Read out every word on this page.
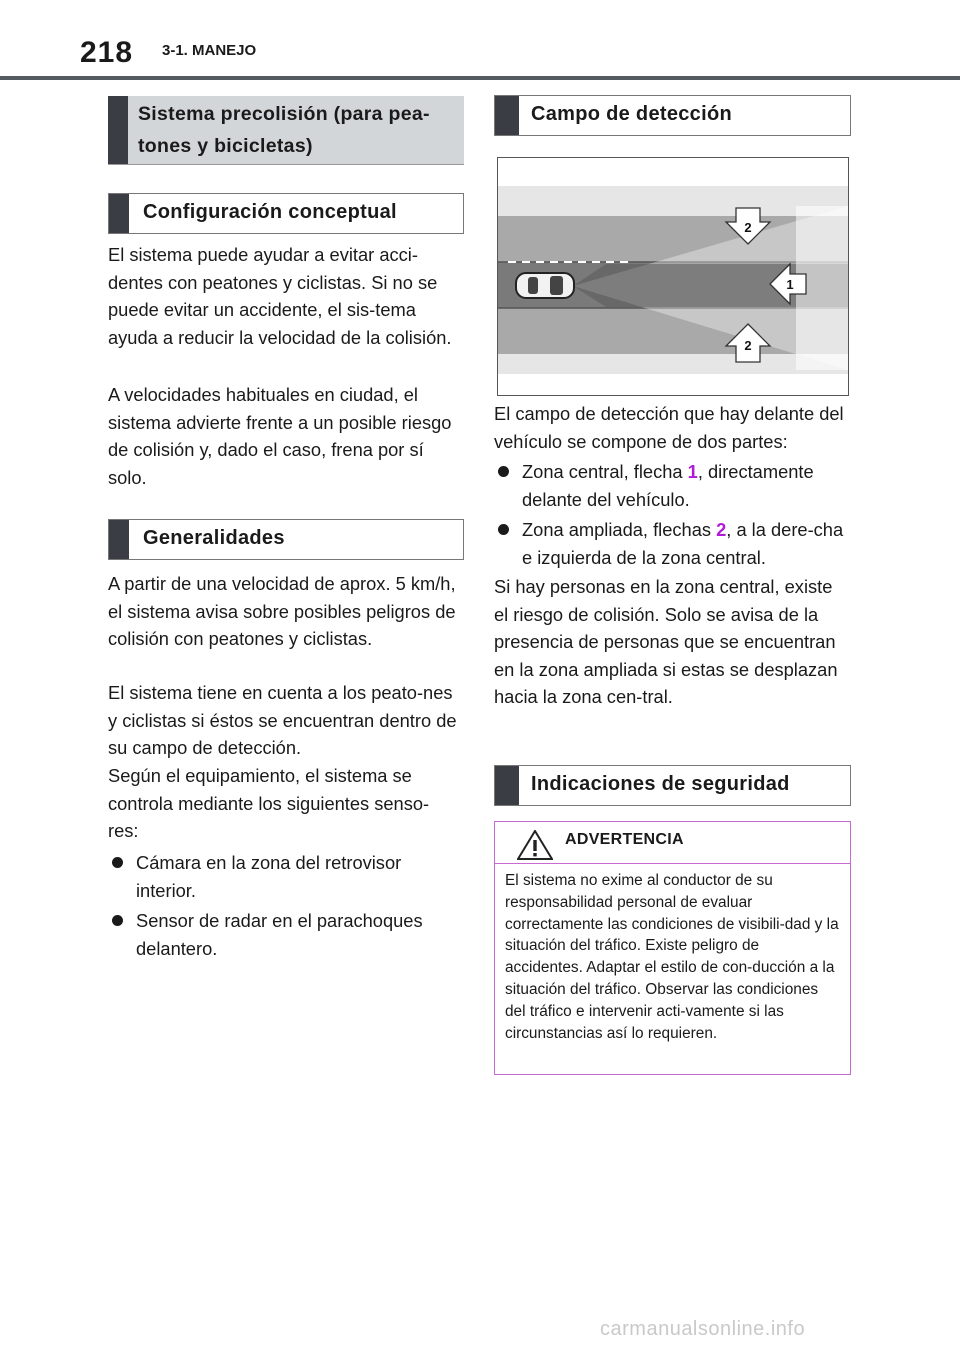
218 3-1. MANEJO
Sistema precolisión (para pea-
tones y bicicletas)
Configuración conceptual

El sistema puede ayudar a evitar acci-dentes con peatones y ciclistas. Si no se puede evitar un accidente, el sis-tema ayuda a reducir la velocidad de la colisión.

A velocidades habituales en ciudad, el sistema advierte frente a un posible riesgo de colisión y, dado el caso, frena por sí solo.

Generalidades

A partir de una velocidad de aprox. 5 km/h, el sistema avisa sobre posibles peligros de colisión con peatones y ciclistas.

El sistema tiene en cuenta a los peato-nes y ciclistas si éstos se encuentran dentro de su campo de detección.

Según el equipamiento, el sistema se controla mediante los siguientes senso-res:

Cámara en la zona del retrovisor interior.
Sensor de radar en el parachoques delantero.
Campo de detección
2
1
2

El campo de detección que hay delante del vehículo se compone de dos partes:

Zona central, flecha 1, directamente delante del vehículo.
Zona ampliada, flechas 2, a la dere-cha e izquierda de la zona central.

Si hay personas en la zona central, existe el riesgo de colisión. Solo se avisa de la presencia de personas que se encuentran en la zona ampliada si estas se desplazan hacia la zona cen-tral.

Indicaciones de seguridad
ADVERTENCIA
El sistema no exime al conductor de su responsabilidad personal de evaluar correctamente las condiciones de visibili-dad y la situación del tráfico. Existe peligro de accidentes. Adaptar el estilo de con-ducción a la situación del tráfico. Observar las condiciones del tráfico e intervenir acti-vamente si las circunstancias así lo requieren.
carmanualsonline.info
